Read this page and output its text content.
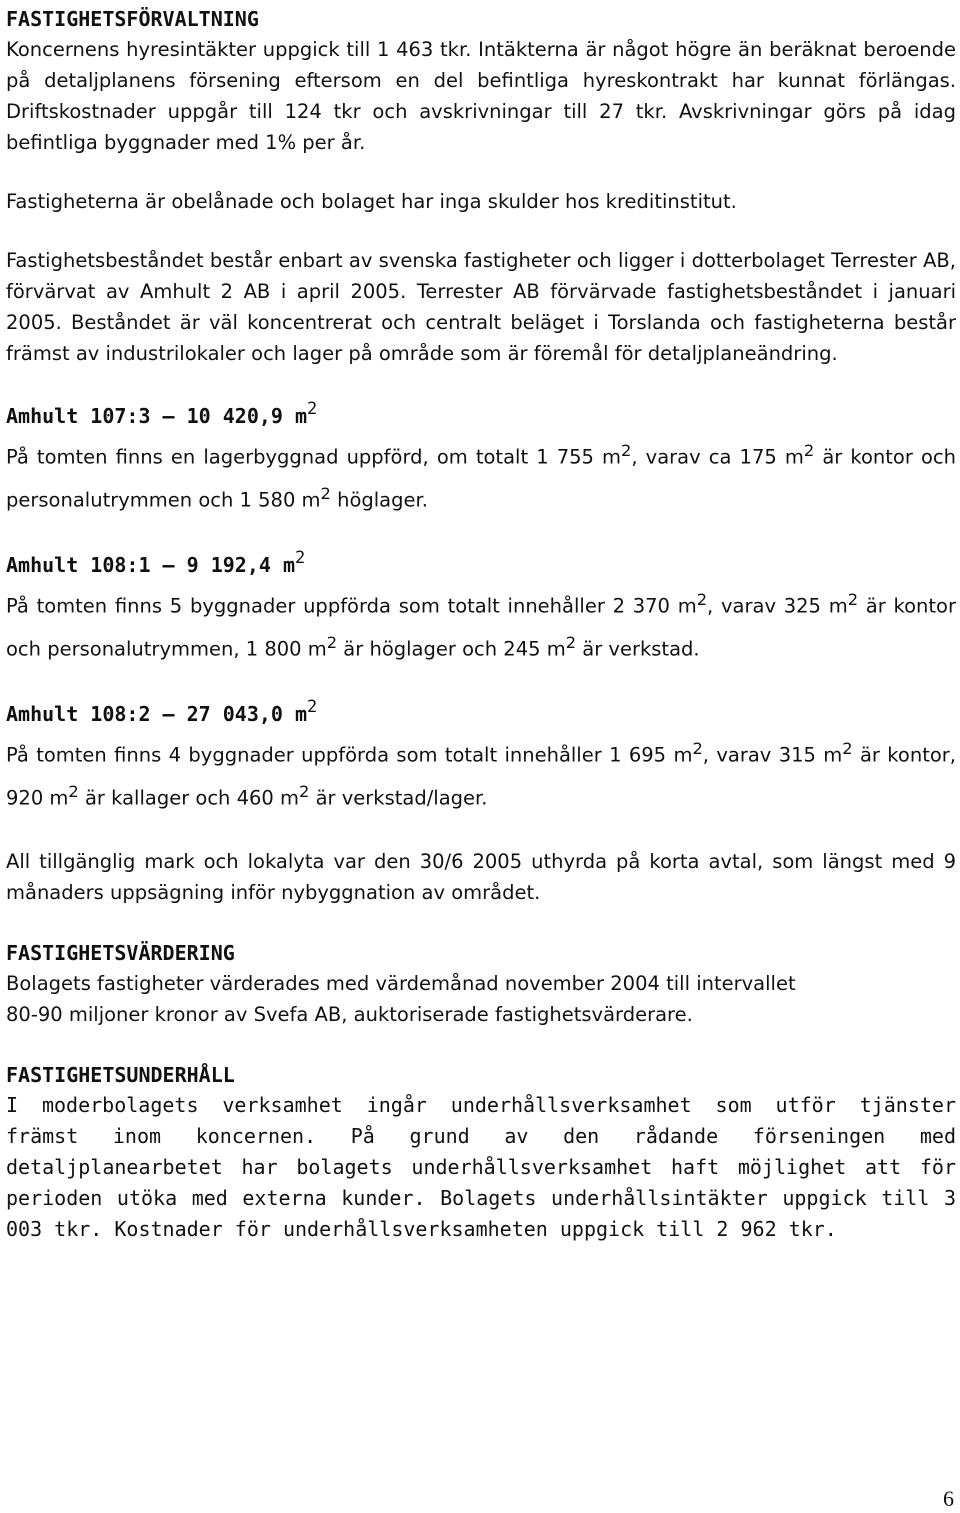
FASTIGHETSFÖRVALTNING

Koncernens hyresintäkter uppgick till 1 463 tkr. Intäkterna är något högre än beräknat beroende på detaljplanens försening eftersom en del befintliga hyreskontrakt har kunnat förlängas. Driftskostnader uppgår till 124 tkr och avskrivningar till 27 tkr. Avskrivningar görs på idag befintliga byggnader med 1% per år.

Fastigheterna är obelånade och bolaget har inga skulder hos kreditinstitut.

Fastighetsbeståndet består enbart av svenska fastigheter och ligger i dotterbolaget Terrester AB, förvärvat av Amhult 2 AB i april 2005. Terrester AB förvärvade fastighetsbeståndet i januari 2005. Beståndet är väl koncentrerat och centralt beläget i Torslanda och fastigheterna består främst av industrilokaler och lager på område som är föremål för detaljplaneändring.

Amhult 107:3 — 10 420,9 $m^2$

På tomten finns en lagerbyggnad uppförd, om totalt 1 755 $m^2$, varav ca 175 $m^2$ är kontor och personalutrymmen och 1 580 $m^2$ höglager.

Amhult 108:1 — 9 192,4 $m^2$

På tomten finns 5 byggnader uppförda som totalt innehåller 2 370 $m^2$, varav 325 $m^2$ är kontor och personalutrymmen, 1 800 $m^2$ är höglager och 245 $m^2$ är verkstad.

Amhult 108:2 — 27 043,0 $m^2$

På tomten finns 4 byggnader uppförda som totalt innehåller 1 695 $m^2$, varav 315 $m^2$ är kontor, 920 $m^2$ är kallager och 460 $m^2$ är verkstad/lager.

All tillgänglig mark och lokalyta var den 30/6 2005 uthyrda på korta avtal, som längst med 9 månaders uppsägning inför nybyggnation av området.

FASTIGHETSVÄRDERING

Bolagets fastigheter värderades med värdemånad november 2004 till intervallet

80-90 miljoner kronor av Svefa AB, auktoriserade fastighetsvärderare.

FASTIGHETSUNDERHÅLL

I moderbolagets verksamhet ingår underhållsverksamhet som utför tjänster främst inom koncernen. På grund av den rådande förseningen med detaljplanearbetet har bolagets underhållsverksamhet haft möjlighet att för perioden utöka med externa kunder. Bolagets underhållsintäkter uppgick till 3 003 tkr. Kostnader för underhållsverksamheten uppgick till 2 962 tkr.

6
